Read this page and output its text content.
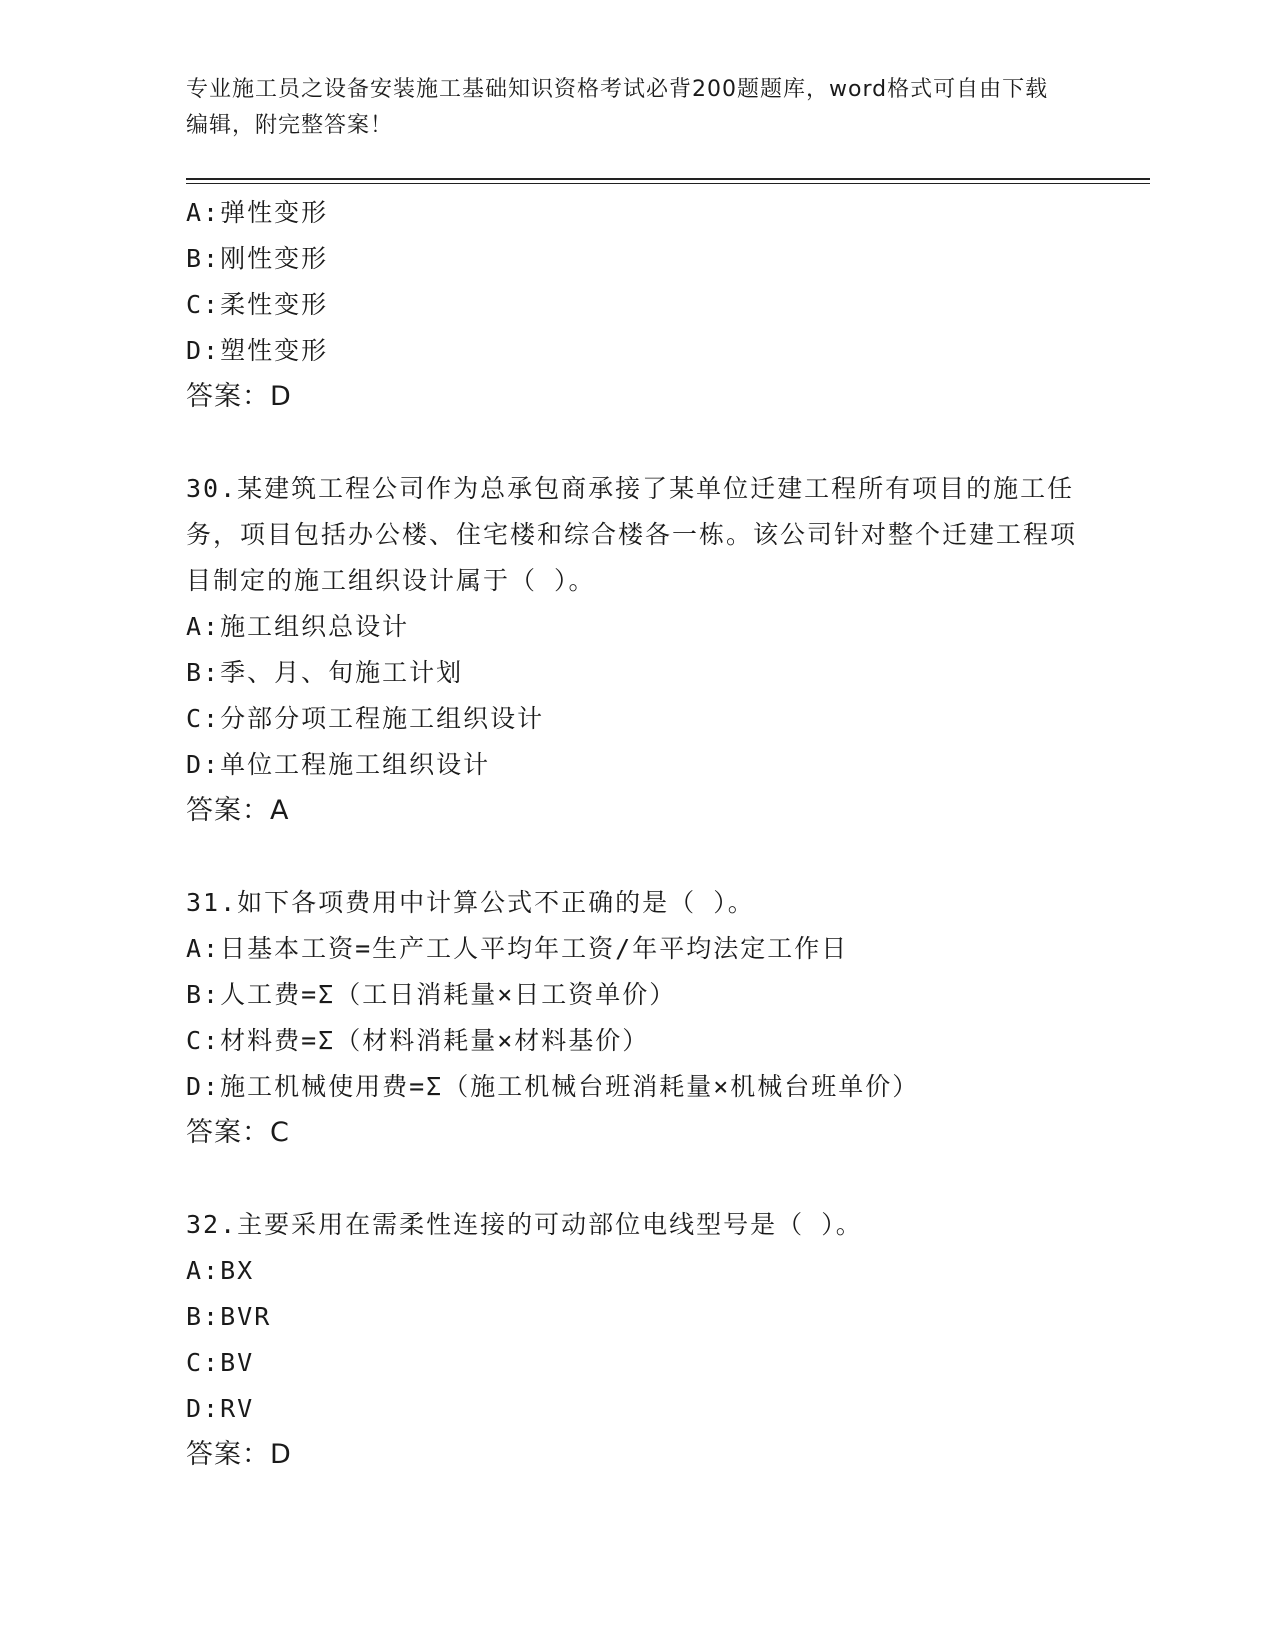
专业施工员之设备安装施工基础知识资格考试必背200题题库，word格式可自由下载编辑，附完整答案！
A:弹性变形
B:刚性变形
C:柔性变形
D:塑性变形
答案：D
30.某建筑工程公司作为总承包商承接了某单位迁建工程所有项目的施工任务，项目包括办公楼、住宅楼和综合楼各一栋。该公司针对整个迁建工程项目制定的施工组织设计属于（ ）。
A:施工组织总设计
B:季、月、旬施工计划
C:分部分项工程施工组织设计
D:单位工程施工组织设计
答案：A
31.如下各项费用中计算公式不正确的是（ ）。
A:日基本工资=生产工人平均年工资/年平均法定工作日
B:人工费=Σ（工日消耗量×日工资单价）
C:材料费=Σ（材料消耗量×材料基价）
D:施工机械使用费=Σ（施工机械台班消耗量×机械台班单价）
答案：C
32.主要采用在需柔性连接的可动部位电线型号是（ ）。
A:BX
B:BVR
C:BV
D:RV
答案：D
